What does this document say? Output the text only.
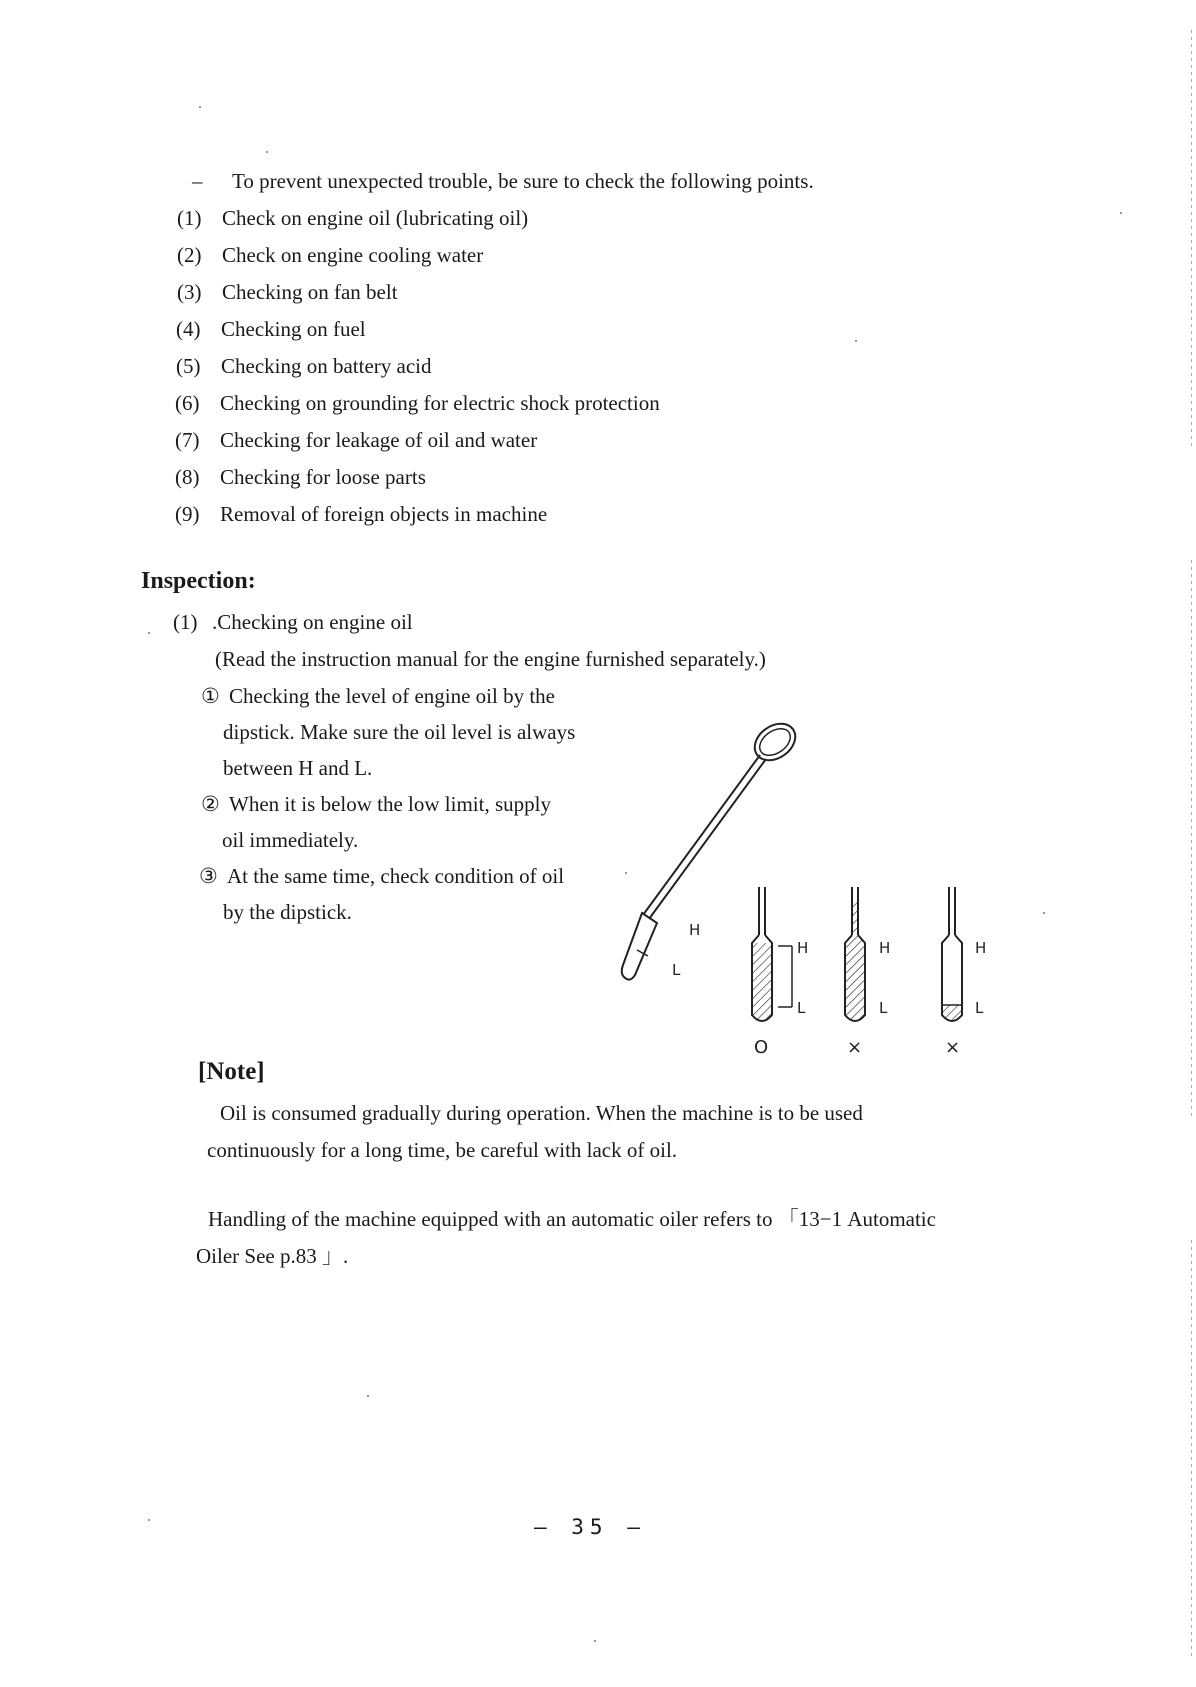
– To prevent unexpected trouble, be sure to check the following points.
(1) Check on engine oil (lubricating oil)
(2) Check on engine cooling water
(3) Checking on fan belt
(4) Checking on fuel
(5) Checking on battery acid
(6) Checking on grounding for electric shock protection
(7) Checking for leakage of oil and water
(8) Checking for loose parts
(9) Removal of foreign objects in machine
Inspection:
(1) .Checking on engine oil
(Read the instruction manual for the engine furnished separately.)
① Checking the level of engine oil by the
dipstick. Make sure the oil level is always
between H and L.
② When it is below the low limit, supply
oil immediately.
③ At the same time, check condition of oil
by the dipstick.
H
L
H
L
O
H
L
×
H
L
×
[Note]
Oil is consumed gradually during operation. When the machine is to be used
continuously for a long time, be careful with lack of oil.
Handling of the machine equipped with an automatic oiler refers to 「13−1 Automatic
Oiler See p.83 」.
– 35 –
